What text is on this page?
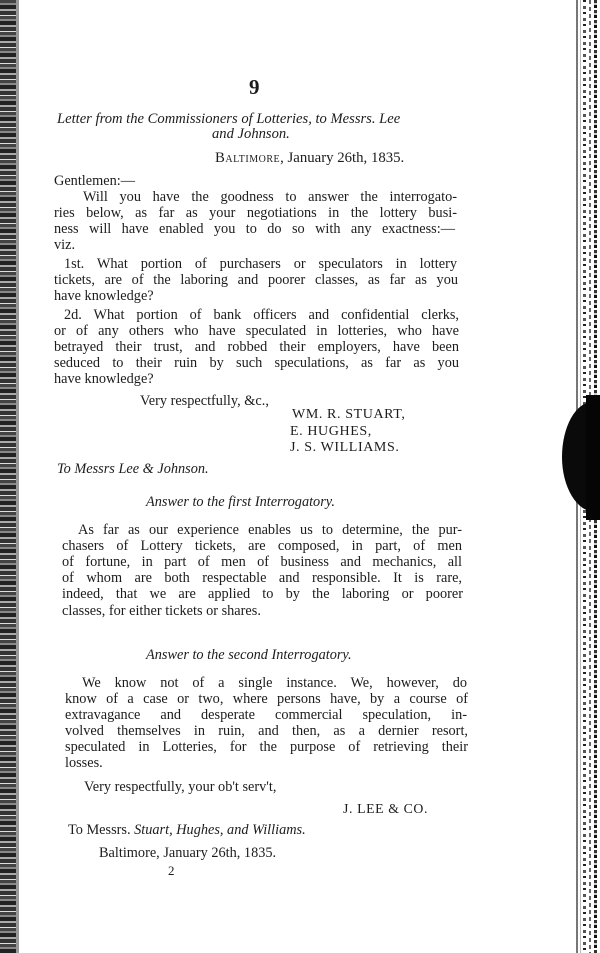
9
Letter from the Commissioners of Lotteries, to Messrs. Lee
and Johnson.
Baltimore, January 26th, 1835.
Gentlemen:—
Will you have the goodness to answer the interrogato-
ries below, as far as your negotiations in the lottery busi-
ness will have enabled you to do so with any exactness:—
viz.
1st. What portion of purchasers or speculators in lottery
tickets, are of the laboring and poorer classes, as far as you
have knowledge?
2d. What portion of bank officers and confidential clerks,
or of any others who have speculated in lotteries, who have
betrayed their trust, and robbed their employers, have been
seduced to their ruin by such speculations, as far as you
have knowledge?
Very respectfully, &c.,
WM. R. STUART,
E. HUGHES,
J. S. WILLIAMS.
To Messrs Lee & Johnson.
Answer to the first Interrogatory.
As far as our experience enables us to determine, the pur-
chasers of Lottery tickets, are composed, in part, of men
of fortune, in part of men of business and mechanics, all
of whom are both respectable and responsible. It is rare,
indeed, that we are applied to by the laboring or poorer
classes, for either tickets or shares.
Answer to the second Interrogatory.
We know not of a single instance. We, however, do
know of a case or two, where persons have, by a course of
extravagance and desperate commercial speculation, in-
volved themselves in ruin, and then, as a dernier resort,
speculated in Lotteries, for the purpose of retrieving their
losses.
Very respectfully, your ob't serv't,
J. LEE & CO.
To Messrs. Stuart, Hughes, and Williams.
Baltimore, January 26th, 1835.
2
